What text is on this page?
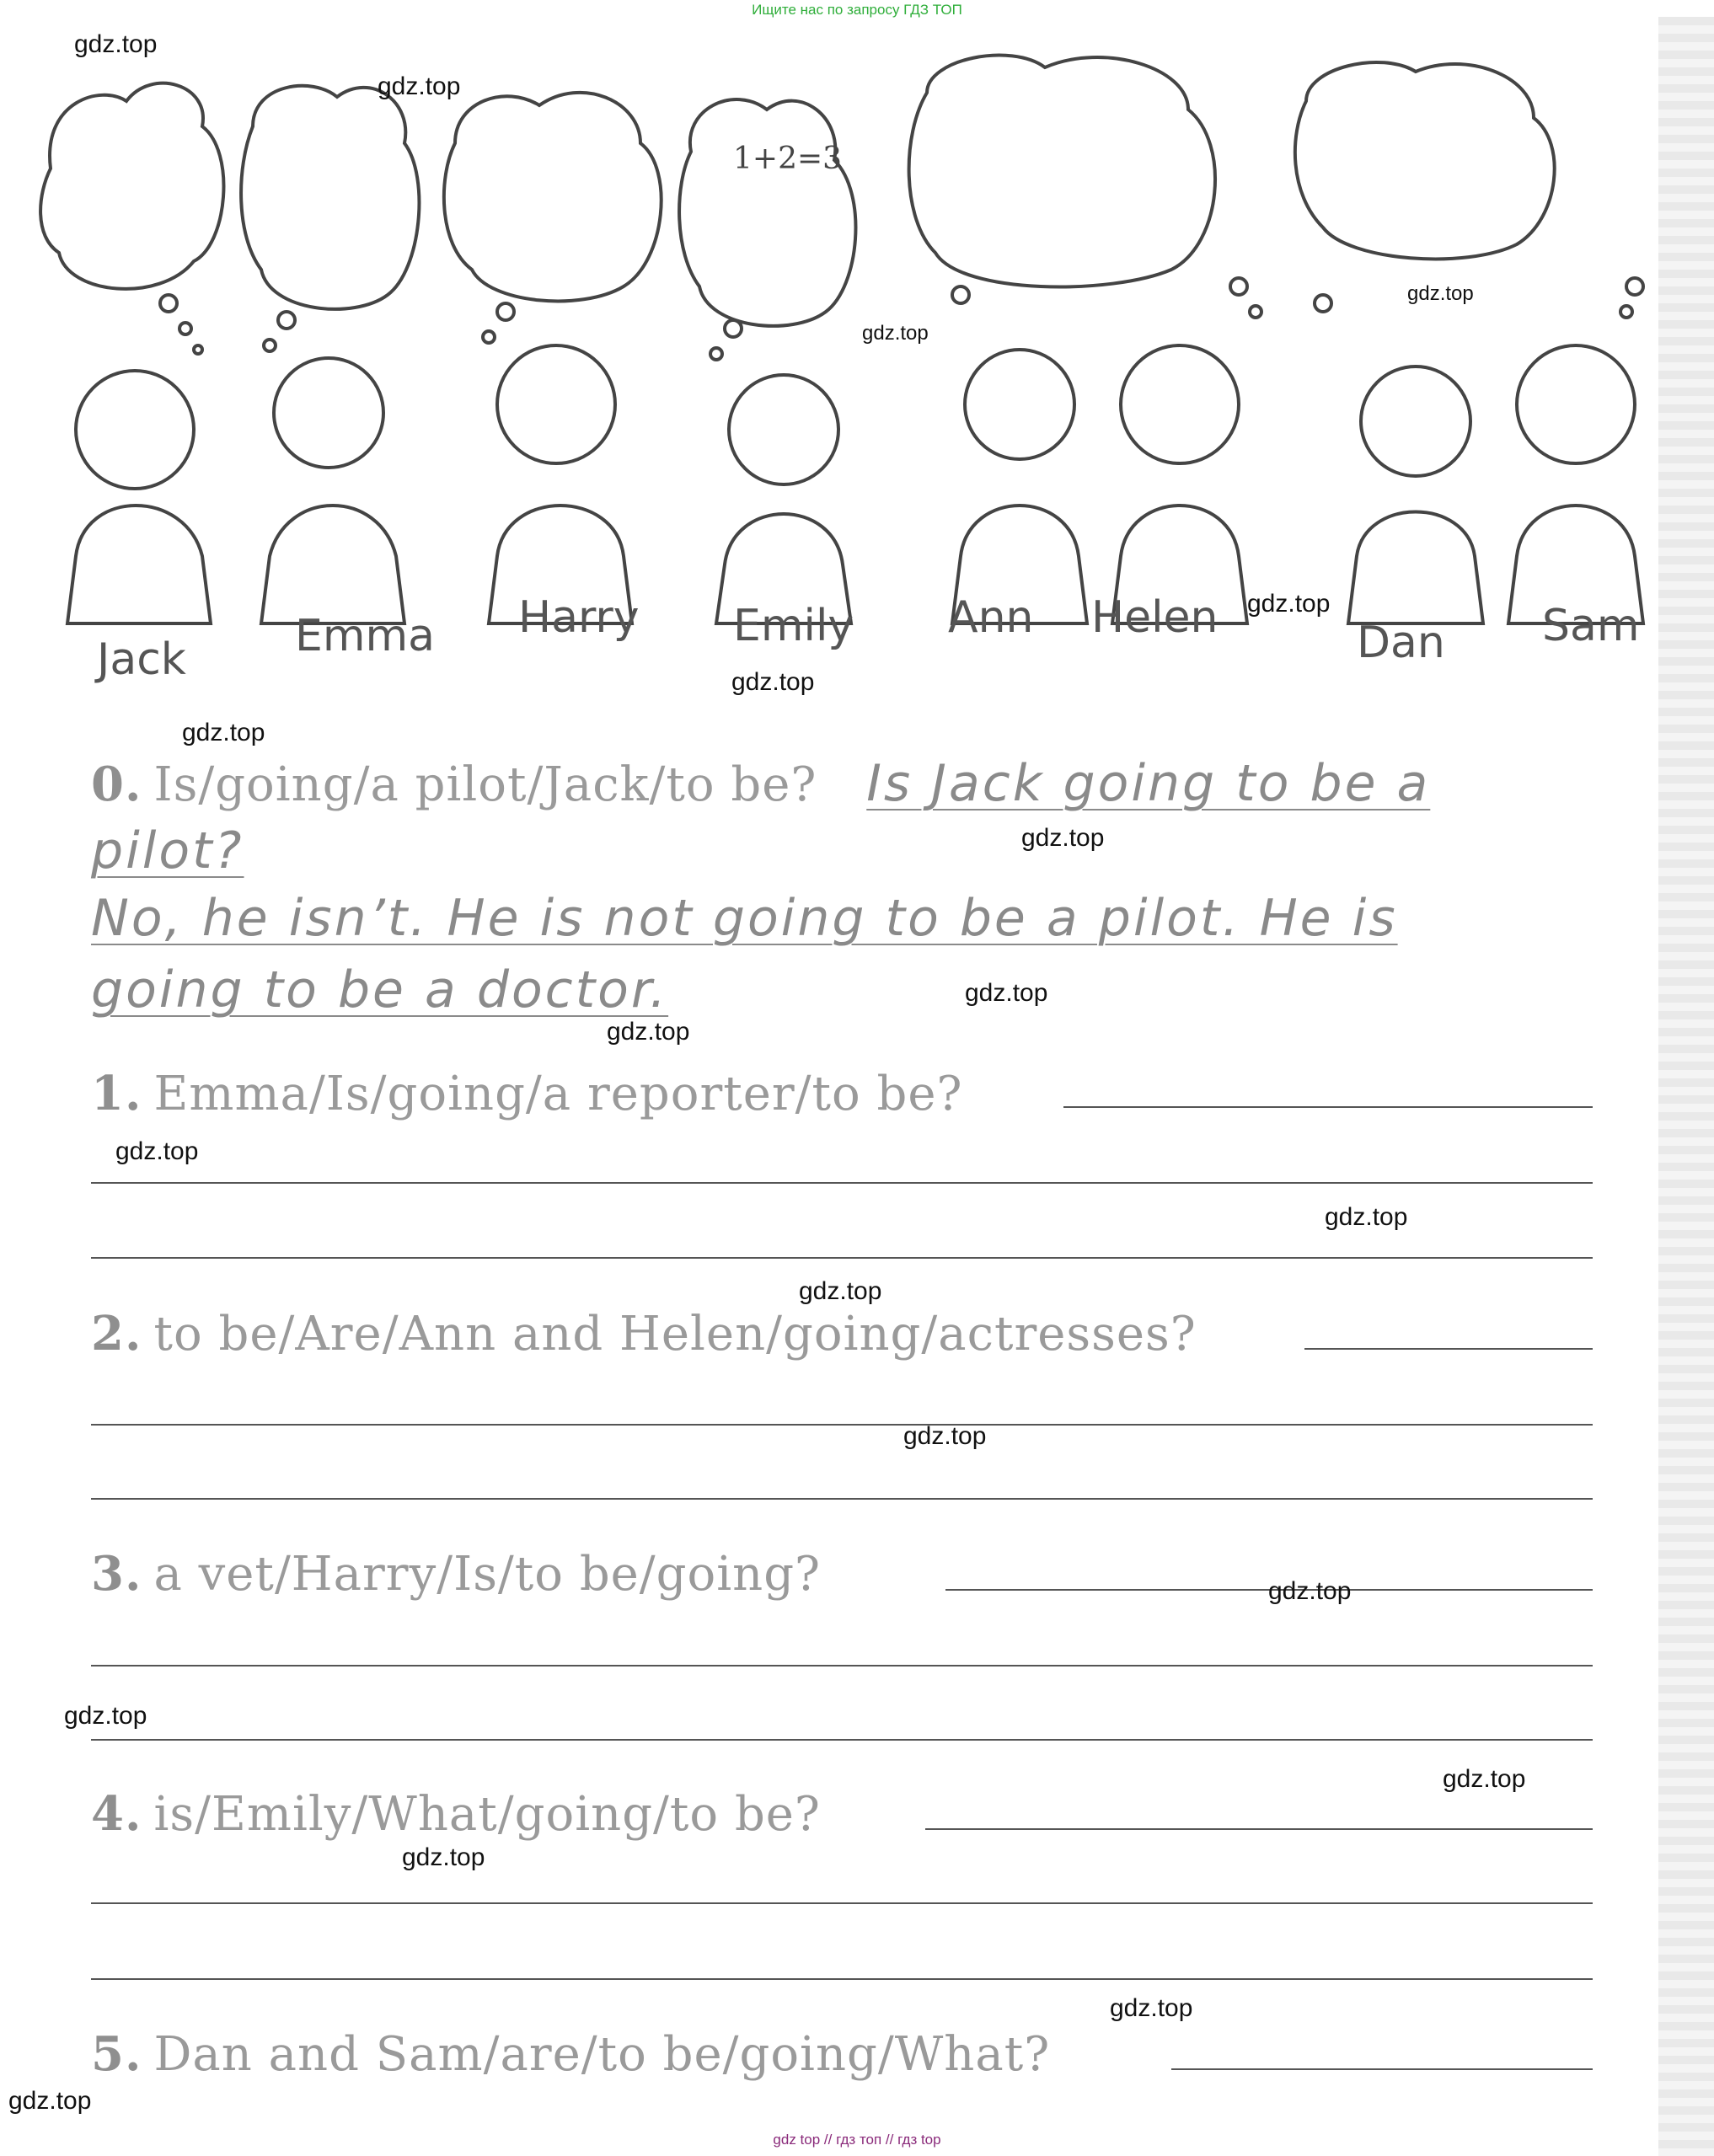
Ищите нас по запросу ГДЗ ТОП
1+2=3
Jack Emma Harry Emily Ann Helen	Dan Sam
0. Is/going/a pilot/Jack/to be? Is Jack going to be a
pilot?
No, he isn’t. He is not going to be a pilot. He is
going to be a doctor.
1. Emma/Is/going/a reporter/to be?
2. to be/Are/Ann and Helen/going/actresses?
3. a vet/Harry/Is/to be/going?
4. is/Emily/What/going/to be?
5. Dan and Sam/are/to be/going/What?
gdz.top
gdz.top
gdz.top
gdz.top
gdz.top
gdz.top
gdz.top
gdz.top
gdz.top
gdz.top
gdz.top
gdz.top
gdz.top
gdz.top
gdz.top
gdz.top
gdz.top
gdz.top
gdz.top
gdz.top
gdz top // гдз топ // гдз top
